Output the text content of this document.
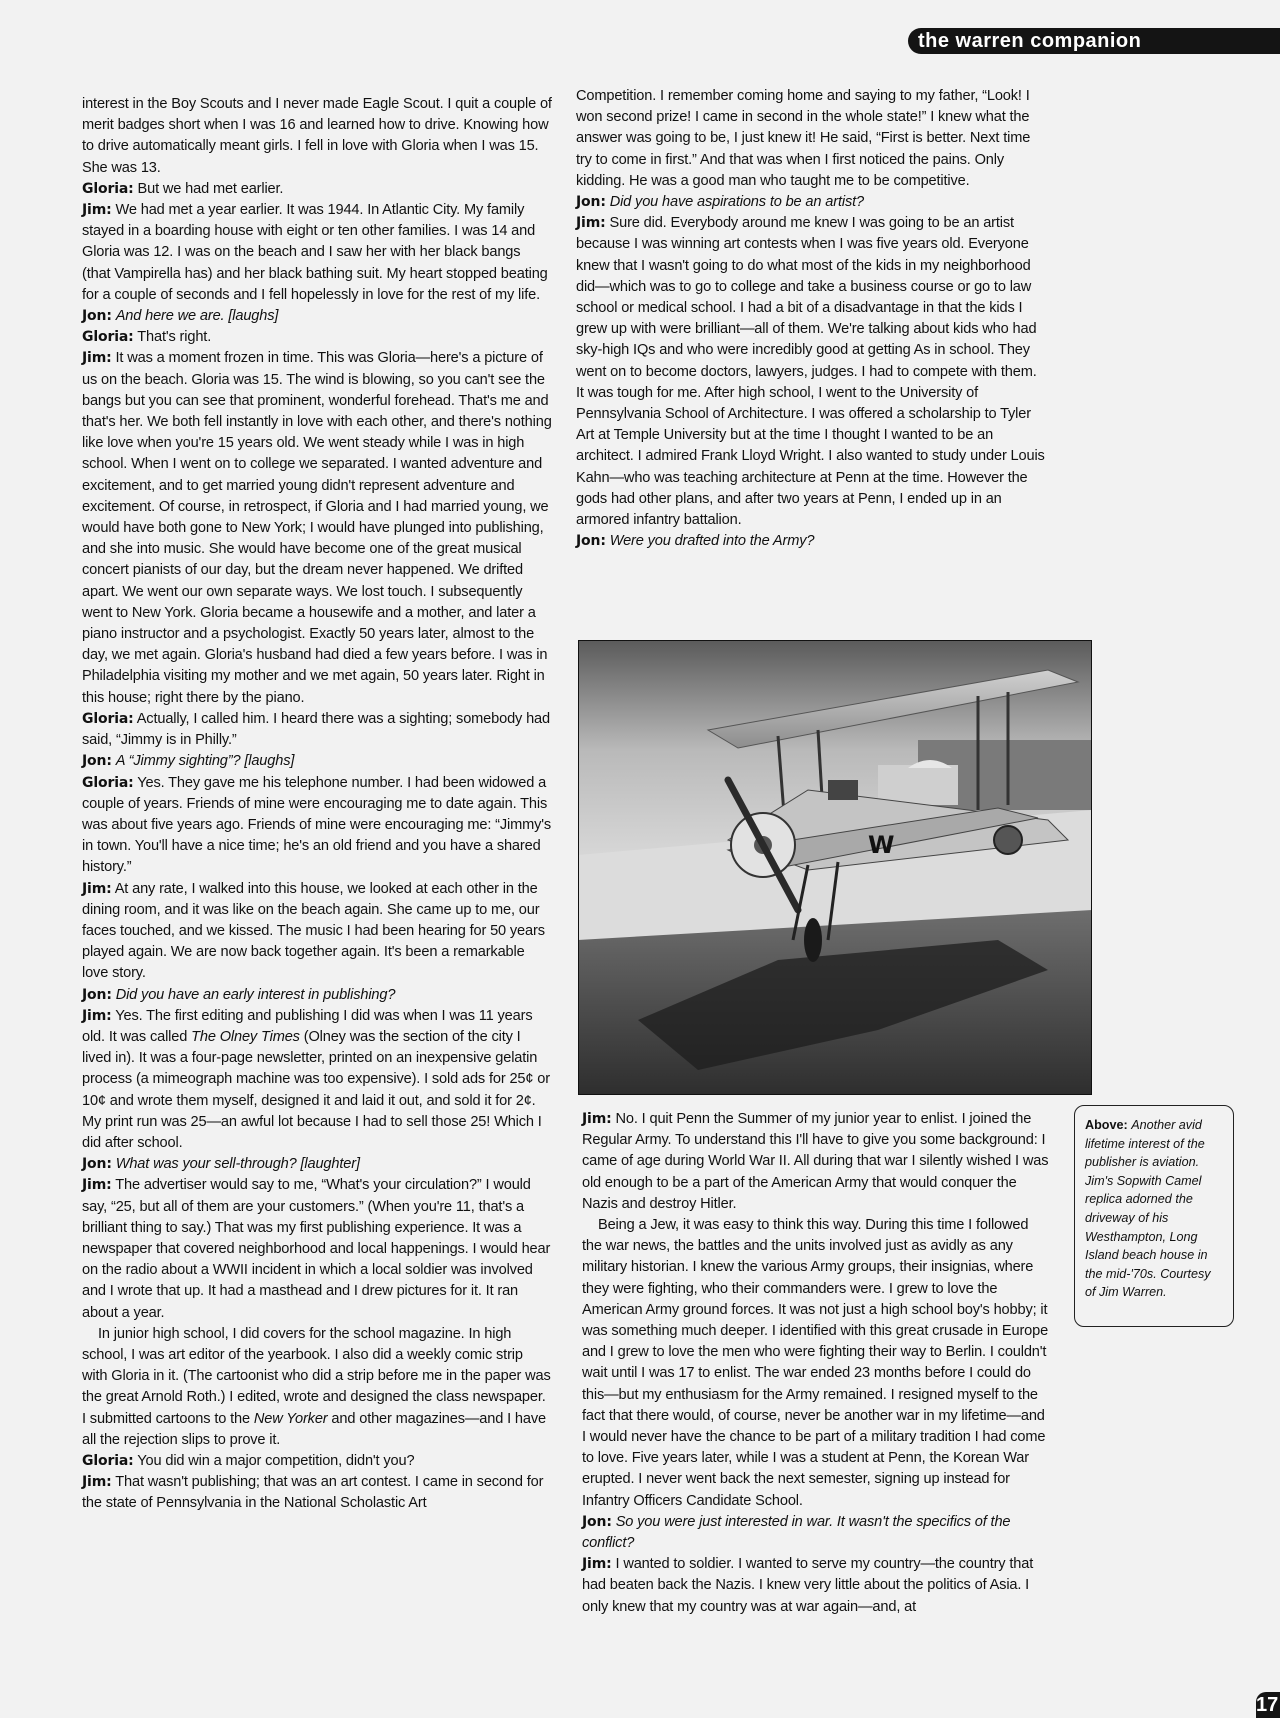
the warren companion

interest in the Boy Scouts and I never made Eagle Scout. I quit a couple of merit badges short when I was 16 and learned how to drive. Knowing how to drive automatically meant girls. I fell in love with Gloria when I was 15. She was 13.

Gloria: But we had met earlier.

Jim: We had met a year earlier. It was 1944. In Atlantic City. My family stayed in a boarding house with eight or ten other families. I was 14 and Gloria was 12. I was on the beach and I saw her with her black bangs (that Vampirella has) and her black bathing suit. My heart stopped beating for a couple of seconds and I fell hopelessly in love for the rest of my life.

Jon: And here we are. [laughs]

Gloria: That's right.

Jim: It was a moment frozen in time. This was Gloria—here's a picture of us on the beach. Gloria was 15. The wind is blowing, so you can't see the bangs but you can see that prominent, wonderful forehead. That's me and that's her. We both fell instantly in love with each other, and there's nothing like love when you're 15 years old. We went steady while I was in high school. When I went on to college we separated. I wanted adventure and excitement, and to get married young didn't represent adventure and excitement. Of course, in retrospect, if Gloria and I had married young, we would have both gone to New York; I would have plunged into publishing, and she into music. She would have become one of the great musical concert pianists of our day, but the dream never happened. We drifted apart. We went our own separate ways. We lost touch. I subsequently went to New York. Gloria became a housewife and a mother, and later a piano instructor and a psychologist. Exactly 50 years later, almost to the day, we met again. Gloria's husband had died a few years before. I was in Philadelphia visiting my mother and we met again, 50 years later. Right in this house; right there by the piano.

Gloria: Actually, I called him. I heard there was a sighting; somebody had said, “Jimmy is in Philly.”

Jon: A “Jimmy sighting”? [laughs]

Gloria: Yes. They gave me his telephone number. I had been widowed a couple of years. Friends of mine were encouraging me to date again. This was about five years ago. Friends of mine were encouraging me: “Jimmy's in town. You'll have a nice time; he's an old friend and you have a shared history.”

Jim: At any rate, I walked into this house, we looked at each other in the dining room, and it was like on the beach again. She came up to me, our faces touched, and we kissed. The music I had been hearing for 50 years played again. We are now back together again. It's been a remarkable love story.

Jon: Did you have an early interest in publishing?

Jim: Yes. The first editing and publishing I did was when I was 11 years old. It was called The Olney Times (Olney was the section of the city I lived in). It was a four-page newsletter, printed on an inexpensive gelatin process (a mimeograph machine was too expensive). I sold ads for 25¢ or 10¢ and wrote them myself, designed it and laid it out, and sold it for 2¢. My print run was 25—an awful lot because I had to sell those 25! Which I did after school.

Jon: What was your sell-through? [laughter]

Jim: The advertiser would say to me, “What's your circulation?” I would say, “25, but all of them are your customers.” (When you're 11, that's a brilliant thing to say.) That was my first publishing experience. It was a newspaper that covered neighborhood and local happenings. I would hear on the radio about a WWII incident in which a local soldier was involved and I wrote that up. It had a masthead and I drew pictures for it. It ran about a year.

In junior high school, I did covers for the school magazine. In high school, I was art editor of the yearbook. I also did a weekly comic strip with Gloria in it. (The cartoonist who did a strip before me in the paper was the great Arnold Roth.) I edited, wrote and designed the class newspaper. I submitted cartoons to the New Yorker and other magazines—and I have all the rejection slips to prove it.

Gloria: You did win a major competition, didn't you?

Jim: That wasn't publishing; that was an art contest. I came in second for the state of Pennsylvania in the National Scholastic Art

Competition. I remember coming home and saying to my father, “Look! I won second prize! I came in second in the whole state!” I knew what the answer was going to be, I just knew it! He said, “First is better. Next time try to come in first.” And that was when I first noticed the pains. Only kidding. He was a good man who taught me to be competitive.

Jon: Did you have aspirations to be an artist?

Jim: Sure did. Everybody around me knew I was going to be an artist because I was winning art contests when I was five years old. Everyone knew that I wasn't going to do what most of the kids in my neighborhood did—which was to go to college and take a business course or go to law school or medical school. I had a bit of a disadvantage in that the kids I grew up with were brilliant—all of them. We're talking about kids who had sky-high IQs and who were incredibly good at getting As in school. They went on to become doctors, lawyers, judges. I had to compete with them. It was tough for me. After high school, I went to the University of Pennsylvania School of Architecture. I was offered a scholarship to Tyler Art at Temple University but at the time I thought I wanted to be an architect. I admired Frank Lloyd Wright. I also wanted to study under Louis Kahn—who was teaching architecture at Penn at the time. However the gods had other plans, and after two years at Penn, I ended up in an armored infantry battalion.

Jon: Were you drafted into the Army?

W

Jim: No. I quit Penn the Summer of my junior year to enlist. I joined the Regular Army. To understand this I'll have to give you some background: I came of age during World War II. All during that war I silently wished I was old enough to be a part of the American Army that would conquer the Nazis and destroy Hitler.

Being a Jew, it was easy to think this way. During this time I followed the war news, the battles and the units involved just as avidly as any military historian. I knew the various Army groups, their insignias, where they were fighting, who their commanders were. I grew to love the American Army ground forces. It was not just a high school boy's hobby; it was something much deeper. I identified with this great crusade in Europe and I grew to love the men who were fighting their way to Berlin. I couldn't wait until I was 17 to enlist. The war ended 23 months before I could do this—but my enthusiasm for the Army remained. I resigned myself to the fact that there would, of course, never be another war in my lifetime—and I would never have the chance to be part of a military tradition I had come to love. Five years later, while I was a student at Penn, the Korean War erupted. I never went back the next semester, signing up instead for Infantry Officers Candidate School.

Jon: So you were just interested in war. It wasn't the specifics of the conflict?

Jim: I wanted to soldier. I wanted to serve my country—the country that had beaten back the Nazis. I knew very little about the politics of Asia. I only knew that my country was at war again—and, at

Above: Another avid lifetime interest of the publisher is aviation. Jim's Sopwith Camel replica adorned the driveway of his Westhampton, Long Island beach house in the mid-'70s. Courtesy of Jim Warren.
17
